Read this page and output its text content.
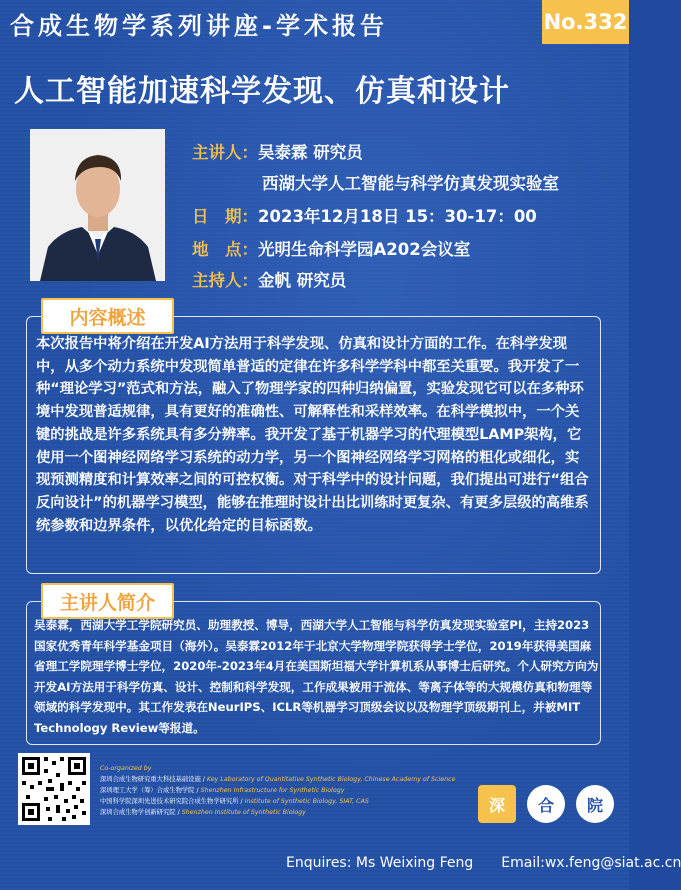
合成生物学系列讲座-学术报告	No.332
人工智能加速科学发现、仿真和设计
主讲人：吴泰霖 研究员
西湖大学人工智能与科学仿真发现实验室
日　期：2023年12月18日 15：30-17：00
地　点：光明生命科学园A202会议室
主持人：金帆 研究员
内容概述

本次报告中将介绍在开发AI方法用于科学发现、仿真和设计方面的工作。在科学发现中，从多个动力系统中发现简单普适的定律在许多科学学科中都至关重要。我开发了一种“理论学习”范式和方法，融入了物理学家的四种归纳偏置，实验发现它可以在多种环境中发现普适规律，具有更好的准确性、可解释性和采样效率。在科学模拟中，一个关键的挑战是许多系统具有多分辨率。我开发了基于机器学习的代理模型LAMP架构，它使用一个图神经网络学习系统的动力学，另一个图神经网络学习网格的粗化或细化，实现预测精度和计算效率之间的可控权衡。对于科学中的设计问题，我们提出可进行“组合反向设计”的机器学习模型，能够在推理时设计出比训练时更复杂、有更多层级的高维系统参数和边界条件，以优化给定的目标函数。

主讲人简介

吴泰霖，西湖大学工学院研究员、助理教授、博导，西湖大学人工智能与科学仿真发现实验室PI，主持2023国家优秀青年科学基金项目（海外）。吴泰霖2012年于北京大学物理学院获得学士学位，2019年获得美国麻省理工学院理学博士学位，2020年-2023年4月在美国斯坦福大学计算机系从事博士后研究。个人研究方向为开发AI方法用于科学仿真、设计、控制和科学发现，工作成果被用于流体、等离子体等的大规模仿真和物理等领域的科学发现中。其工作发表在NeurIPS、ICLR等机器学习顶级会议以及物理学顶级期刊上，并被MIT Technology Review等报道。

Co-organized by
深圳合成生物研究重大科技基础设施 / Key Laboratory of Quantitative Synthetic Biology, Chinese Academy of Science
深圳理工大学（筹）合成生物学院 / Shenzhen Infrastructure for Synthetic Biology
中国科学院深圳先进技术研究院合成生物学研究所 / Institute of Synthetic Biology, SIAT, CAS
深圳合成生物学创新研究院 / Shenzhen Institute of Synthetic Biology	深	合	院
Enquires: Ms Weixing Feng Email:wx.feng@siat.ac.cn
